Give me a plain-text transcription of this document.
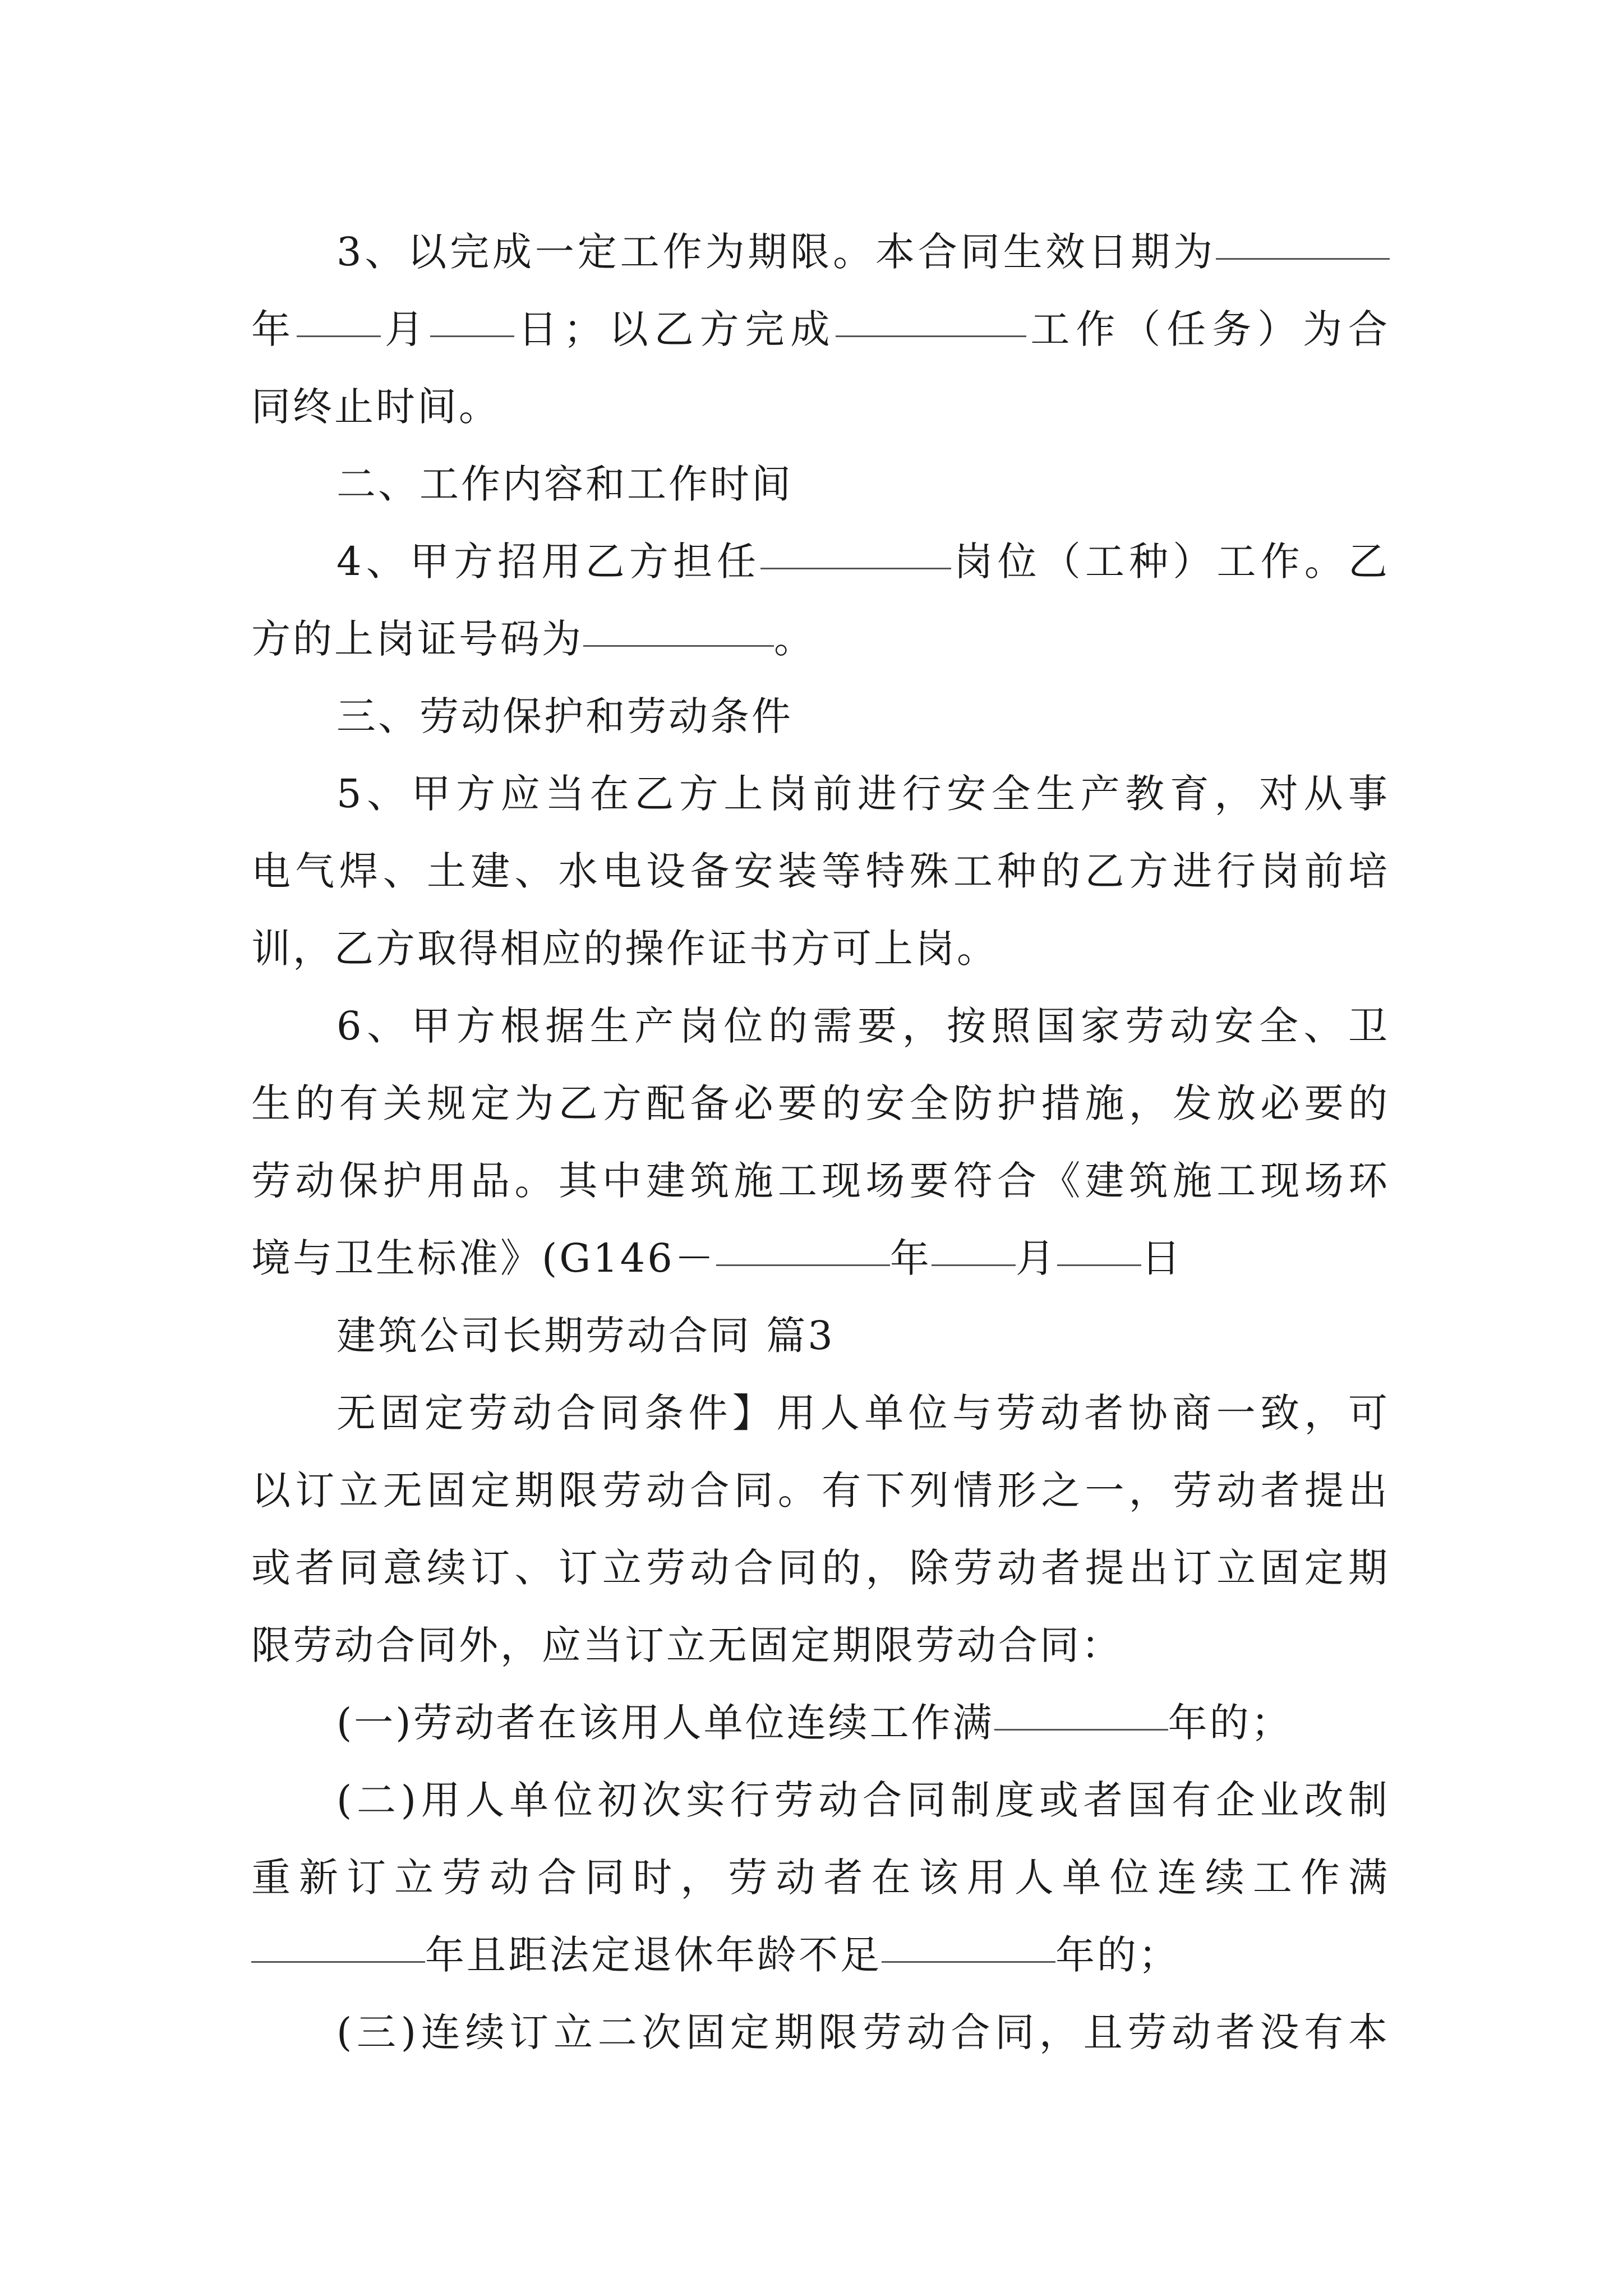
3、以完成一定工作为期限。本合同生效日期为
年 月 日；以乙方完成	工作（任务）为合
同终止时间。
二、工作内容和工作时间
4、甲方招用乙方担任	岗位（工种）工作。乙
方的上岗证号码为	。
三、劳动保护和劳动条件
5、甲方应当在乙方上岗前进行安全生产教育，对从事
电气焊、土建、水电设备安装等特殊工种的乙方进行岗前培
训，乙方取得相应的操作证书方可上岗。
6、甲方根据生产岗位的需要，按照国家劳动安全、卫
生的有关规定为乙方配备必要的安全防护措施，发放必要的
劳动保护用品。其中建筑施工现场要符合《建筑施工现场环
境与卫生标准》(G146－	年 月 日
建筑公司长期劳动合同 篇3
无固定劳动合同条件】用人单位与劳动者协商一致，可
以订立无固定期限劳动合同。有下列情形之一，劳动者提出
或者同意续订、订立劳动合同的，除劳动者提出订立固定期
限劳动合同外，应当订立无固定期限劳动合同：
(一)劳动者在该用人单位连续工作满	年的；
(二)用人单位初次实行劳动合同制度或者国有企业改制
重新订立劳动合同时，劳动者在该用人单位连续工作满
年且距法定退休年龄不足	年的；
(三)连续订立二次固定期限劳动合同，且劳动者没有本
